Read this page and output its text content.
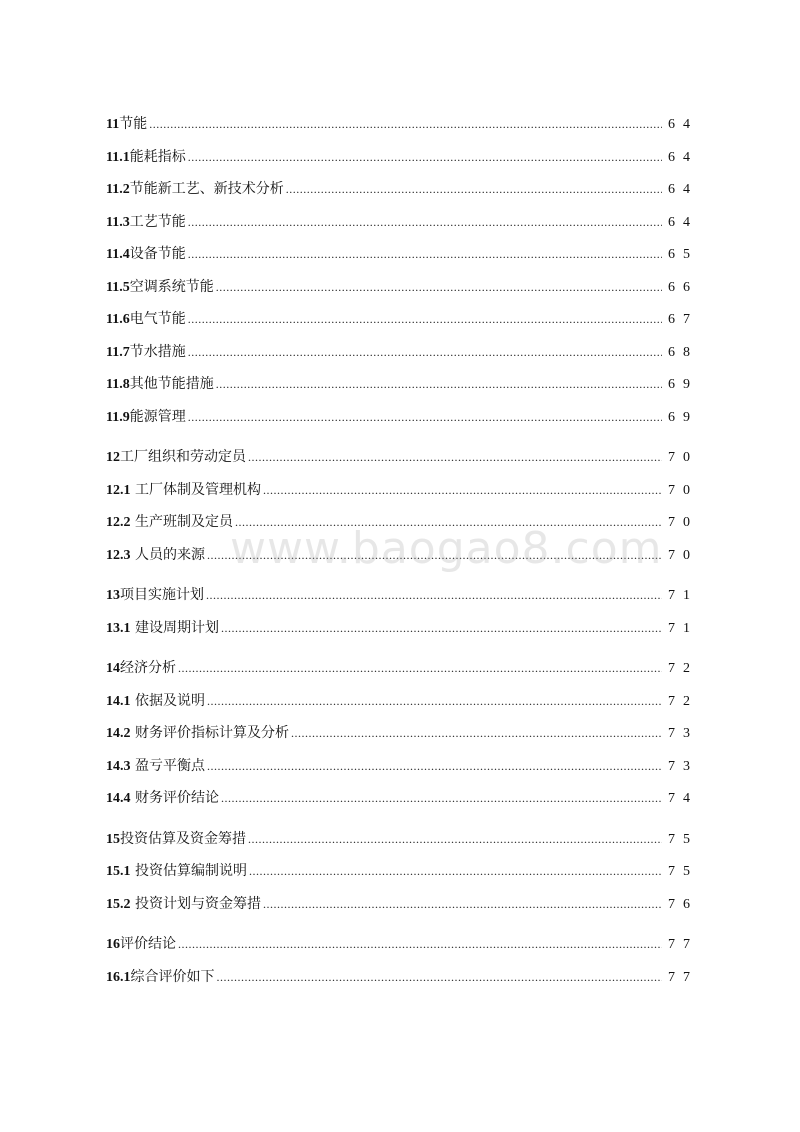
11 节能 .....	64
11.1 能耗指标 .....	64
11.2 节能新工艺、新技术分析 .....	64
11.3 工艺节能 .....	64
11.4 设备节能 .....	65
11.5 空调系统节能 .....	66
11.6 电气节能 .....	67
11.7 节水措施 .....	68
11.8 其他节能措施 .....	69
11.9 能源管理 .....	69
12 工厂组织和劳动定员 .....	70
12.1 工厂体制及管理机构 .....	70
12.2 生产班制及定员 .....	70
12.3 人员的来源 .....	70
13 项目实施计划 .....	71
13.1 建设周期计划 .....	71
14 经济分析 .....	72
14.1 依据及说明 .....	72
14.2 财务评价指标计算及分析 .....	73
14.3 盈亏平衡点 .....	73
14.4 财务评价结论 .....	74
15 投资估算及资金筹措 .....	75
15.1 投资估算编制说明 .....	75
15.2 投资计划与资金筹措 .....	76
16 评价结论 .....	77
16.1 综合评价如下 .....	77
www.baogao8.com
